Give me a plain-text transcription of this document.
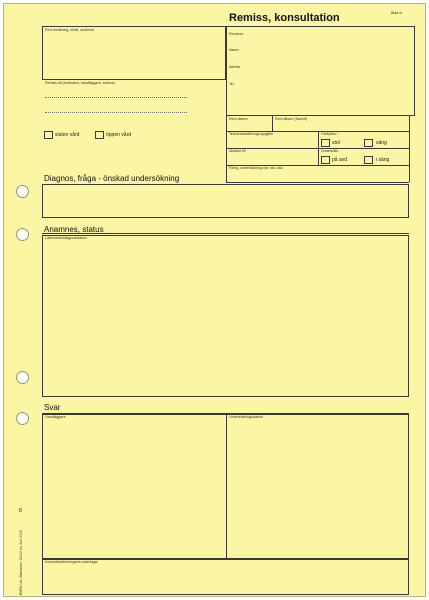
Remiss, konsultation	Blad nr
Rem inrättning, klinik, avd/mott
Remiss till (institution, handläggare, adress)
Personnr
Namn
Adress
Tel.
Rem datum	Rem läkare (Namnf)
Telefonbeställningsuppgifter	Förflyttas i
stol	säng
Akutare till	Undersöks
på avd	i säng
Föreg. undersökning var, när, vad
sluten vård	öppen vård
Diagnos, fråga - önskad undersökning
Anamnes, status
Läkemedel/diagnos/datum
Svar
Handläggare	Undersökningsdatum
Konsultbedömningens noteringar
8
BMFA 1b1, Blankettnr. 16002 ev. Juni 2019
